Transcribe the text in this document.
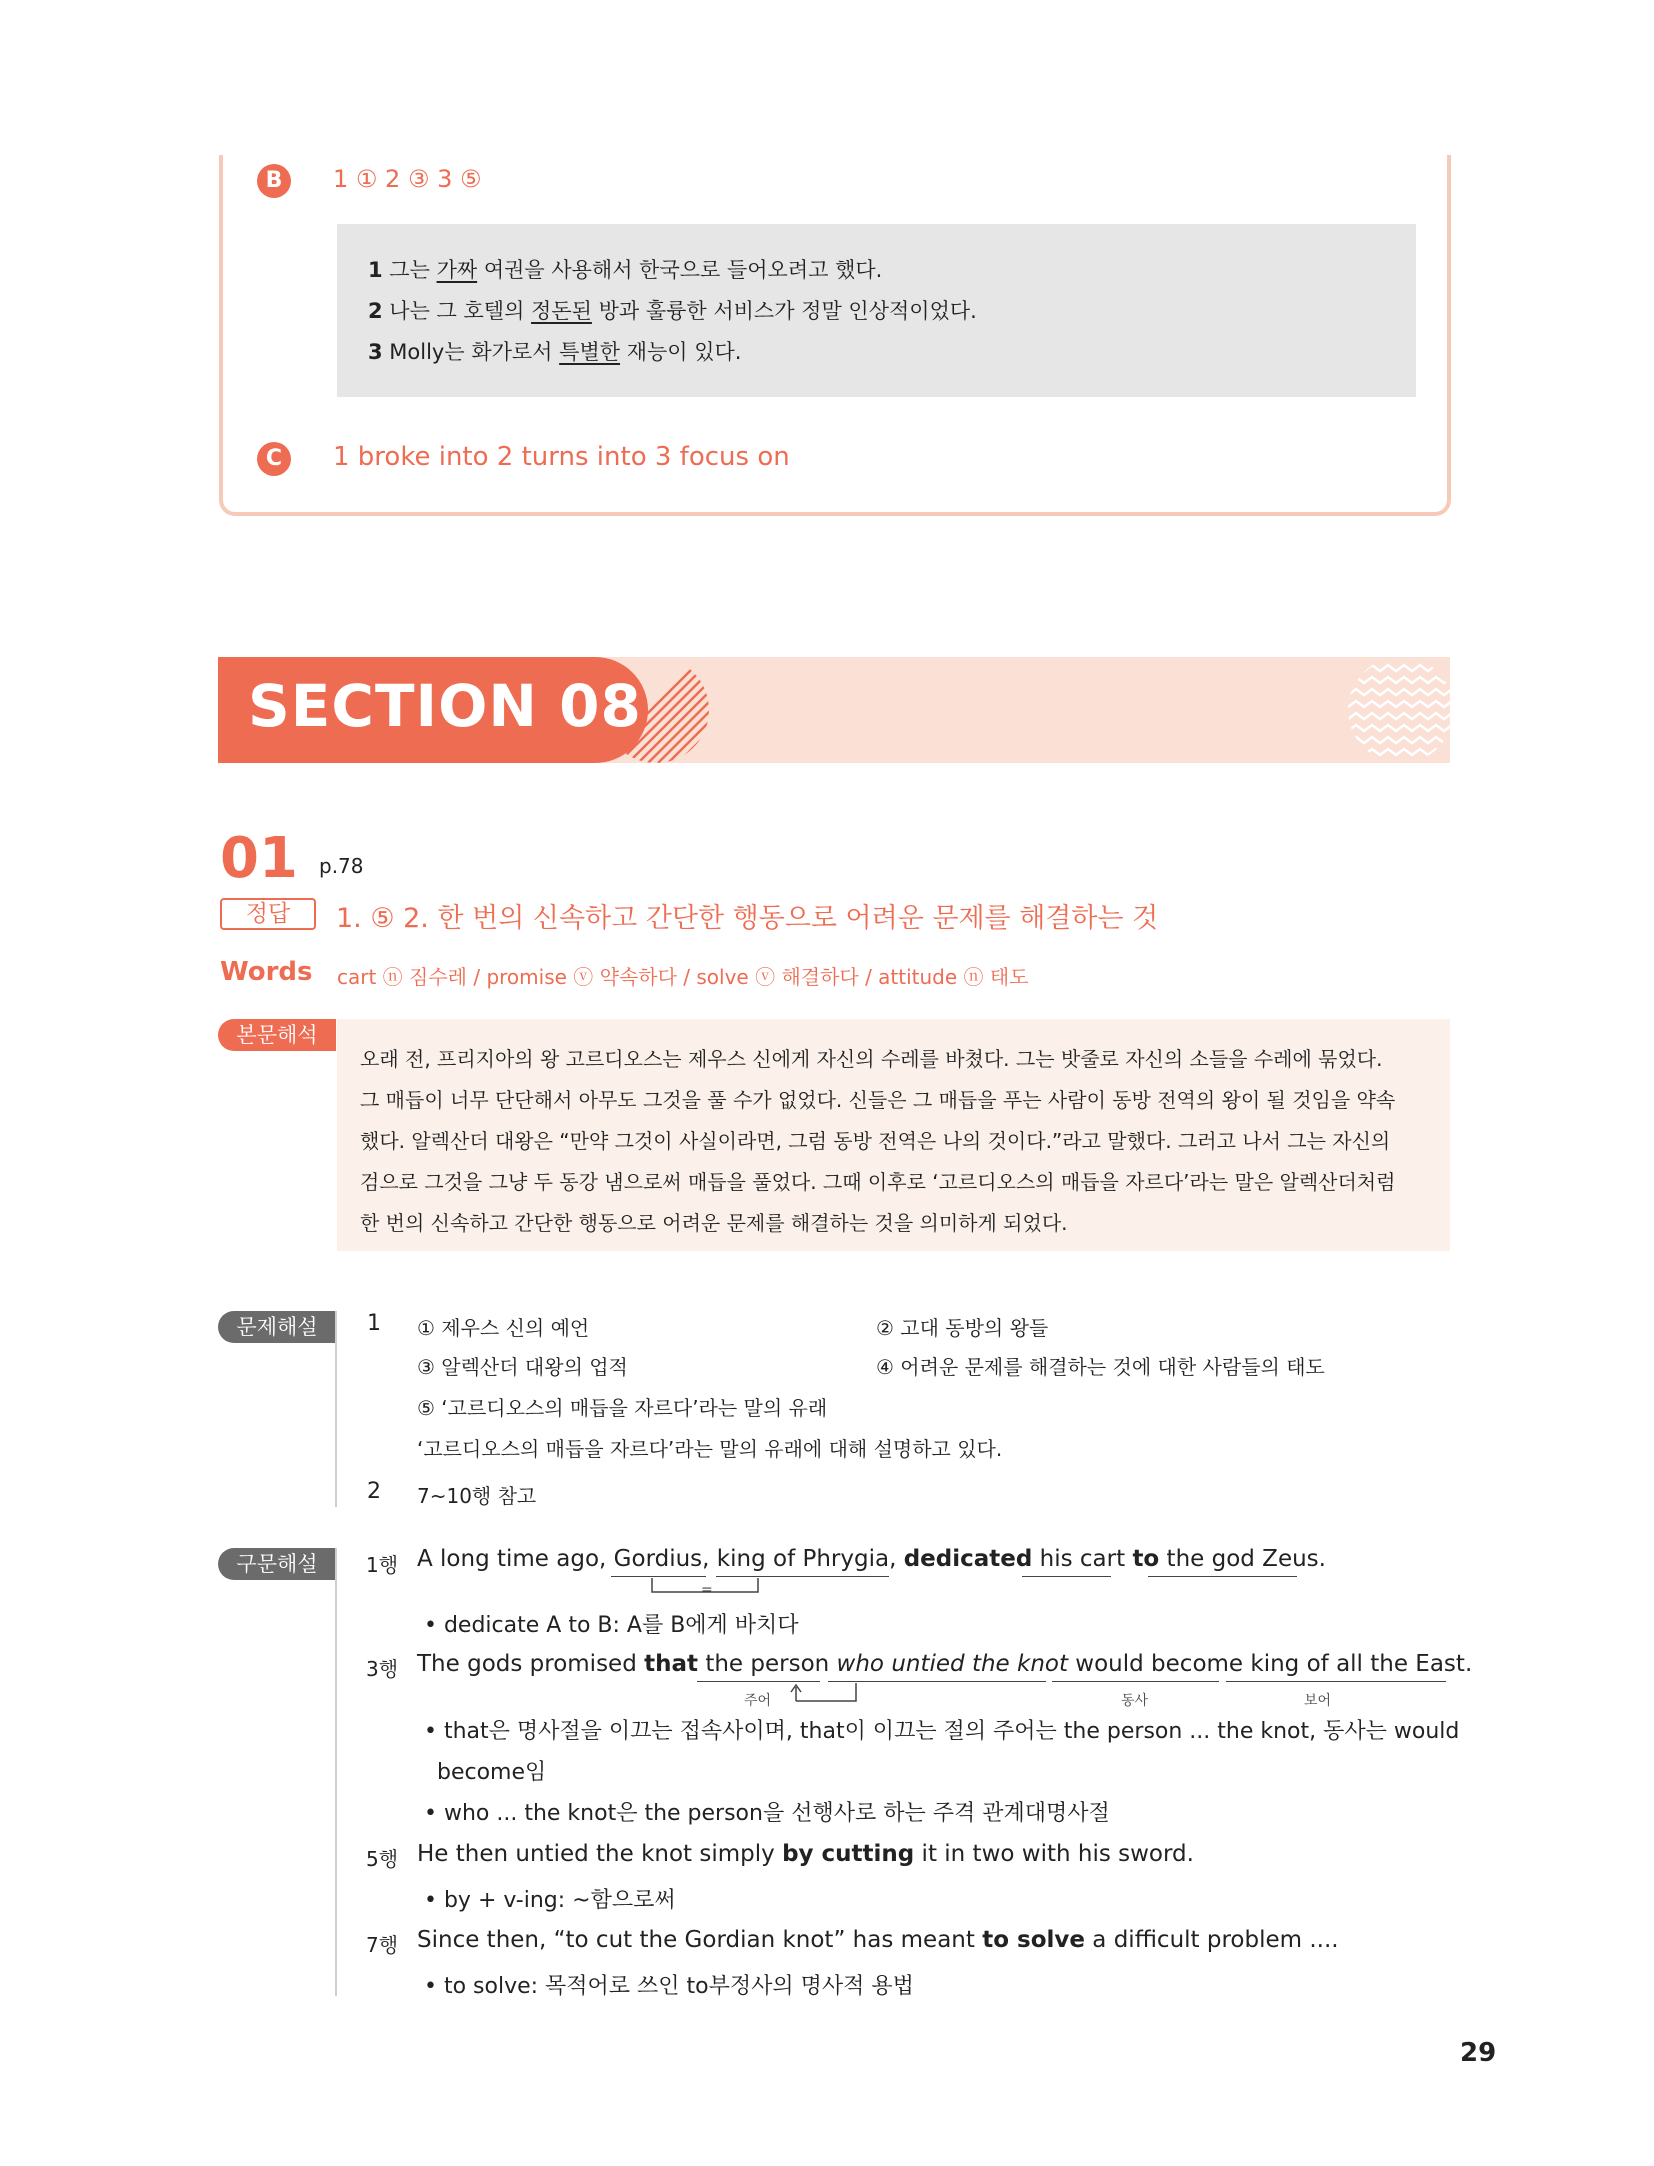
B	1 ① 2 ③ 3 ⑤
1 그는 가짜 여권을 사용해서 한국으로 들어오려고 했다.
2 나는 그 호텔의 정돈된 방과 훌륭한 서비스가 정말 인상적이었다.
3 Molly는 화가로서 특별한 재능이 있다.
C	1 broke into 2 turns into 3 focus on
SECTION 08
01 p.78
정답	1. ⑤ 2. 한 번의 신속하고 간단한 행동으로 어려운 문제를 해결하는 것
Words cart ⓝ 짐수레 / promise ⓥ 약속하다 / solve ⓥ 해결하다 / attitude ⓝ 태도
본문해석
오래 전, 프리지아의 왕 고르디오스는 제우스 신에게 자신의 수레를 바쳤다. 그는 밧줄로 자신의 소들을 수레에 묶었다.
그 매듭이 너무 단단해서 아무도 그것을 풀 수가 없었다. 신들은 그 매듭을 푸는 사람이 동방 전역의 왕이 될 것임을 약속
했다. 알렉산더 대왕은 “만약 그것이 사실이라면, 그럼 동방 전역은 나의 것이다.”라고 말했다. 그러고 나서 그는 자신의
검으로 그것을 그냥 두 동강 냄으로써 매듭을 풀었다. 그때 이후로 ‘고르디오스의 매듭을 자르다’라는 말은 알렉산더처럼
한 번의 신속하고 간단한 행동으로 어려운 문제를 해결하는 것을 의미하게 되었다.
문제해설	1 ① 제우스 신의 예언	② 고대 동방의 왕들
③ 알렉산더 대왕의 업적	④ 어려운 문제를 해결하는 것에 대한 사람들의 태도
⑤ ‘고르디오스의 매듭을 자르다’라는 말의 유래
‘고르디오스의 매듭을 자르다’라는 말의 유래에 대해 설명하고 있다.
2 7~10행 참고
구문해설	1행 A long time ago, Gordius, king of Phrygia, dedicated his cart to the god Zeus.
=
• dedicate A to B: A를 B에게 바치다
3행 The gods promised that the person who untied the knot would become king of all the East.
주어	동사	보어
• that은 명사절을 이끄는 접속사이며, that이 이끄는 절의 주어는 the person ... the knot, 동사는 would
become임
• who ... the knot은 the person을 선행사로 하는 주격 관계대명사절
5행 He then untied the knot simply by cutting it in two with his sword.
• by + v-ing: ~함으로써
7행 Since then, “to cut the Gordian knot” has meant to solve a difficult problem ....
• to solve: 목적어로 쓰인 to부정사의 명사적 용법
29
